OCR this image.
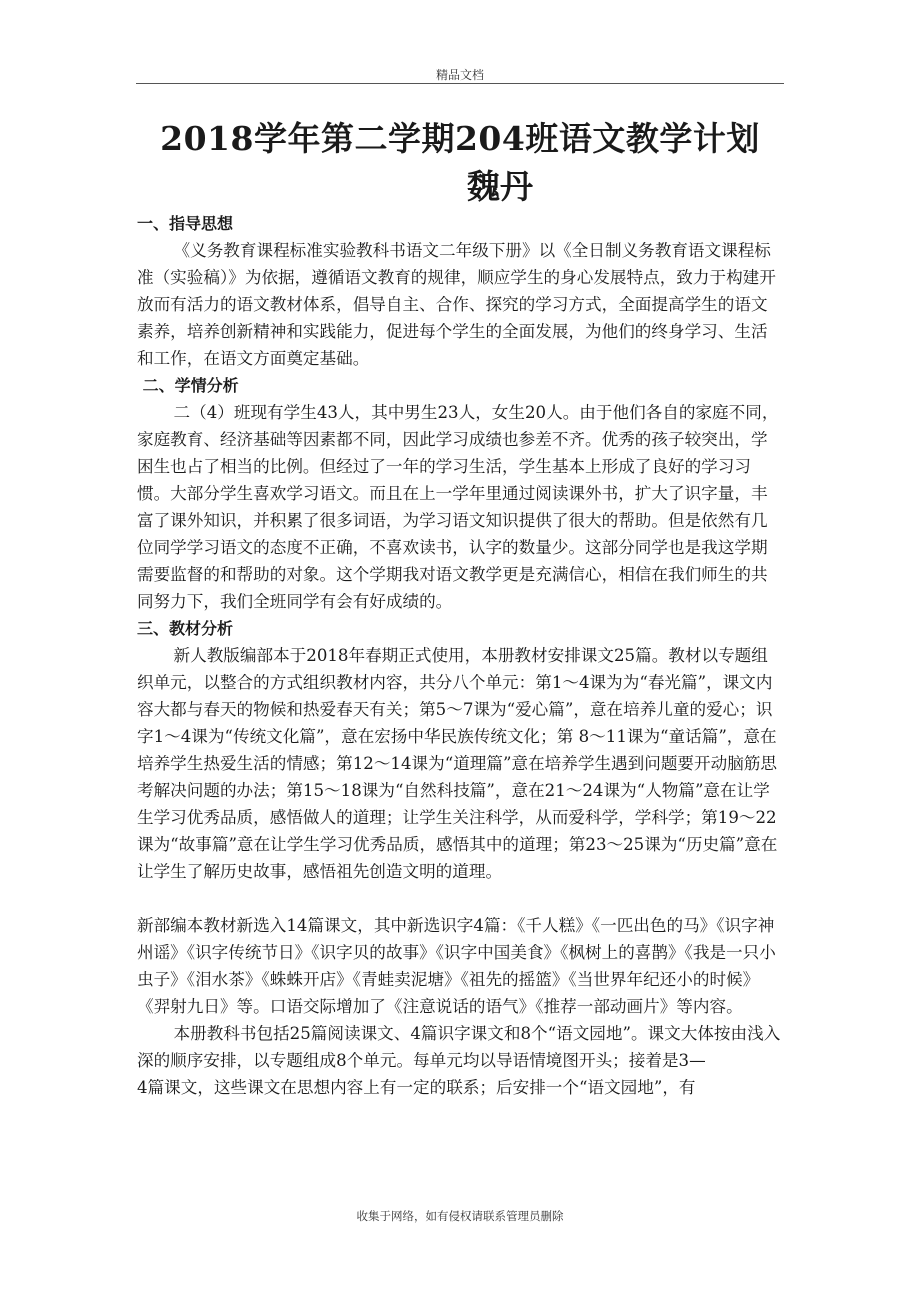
精品文档
2018学年第二学期204班语文教学计划
魏丹

一、指导思想

《义务教育课程标准实验教科书语文二年级下册》以《全日制义务教育语文课程标准（实验稿）》为依据，遵循语文教育的规律，顺应学生的身心发展特点，致力于构建开放而有活力的语文教材体系，倡导自主、合作、探究的学习方式，全面提高学生的语文素养，培养创新精神和实践能力，促进每个学生的全面发展，为他们的终身学习、生活和工作，在语文方面奠定基础。

二、学情分析

二（4）班现有学生43人，其中男生23人，女生20人。由于他们各自的家庭不同，家庭教育、经济基础等因素都不同，因此学习成绩也参差不齐。优秀的孩子较突出，学困生也占了相当的比例。但经过了一年的学习生活，学生基本上形成了良好的学习习惯。大部分学生喜欢学习语文。而且在上一学年里通过阅读课外书，扩大了识字量，丰富了课外知识，并积累了很多词语，为学习语文知识提供了很大的帮助。但是依然有几位同学学习语文的态度不正确，不喜欢读书，认字的数量少。这部分同学也是我这学期需要监督的和帮助的对象。这个学期我对语文教学更是充满信心，相信在我们师生的共同努力下，我们全班同学有会有好成绩的。

三、教材分析

新人教版编部本于2018年春期正式使用，本册教材安排课文25篇。教材以专题组织单元，以整合的方式组织教材内容，共分八个单元：第1～4课为为“春光篇”，课文内容大都与春天的物候和热爱春天有关；第5～7课为“爱心篇”，意在培养儿童的爱心；识字1～4课为“传统文化篇”，意在宏扬中华民族传统文化；第 8～11课为“童话篇”，意在培养学生热爱生活的情感；第12～14课为“道理篇”意在培养学生遇到问题要开动脑筋思考解决问题的办法；第15～18课为“自然科技篇”，意在21～24课为“人物篇”意在让学生学习优秀品质，感悟做人的道理；让学生关注科学，从而爱科学，学科学；第19～22课为“故事篇”意在让学生学习优秀品质，感悟其中的道理；第23～25课为“历史篇”意在让学生了解历史故事，感悟祖先创造文明的道理。

新部编本教材新选入14篇课文，其中新选识字4篇：《千人糕》《一匹出色的马》《识字神州谣》《识字传统节日》《识字贝的故事》《识字中国美食》《枫树上的喜鹊》《我是一只小虫子》《泪水茶》《蛛蛛开店》《青蛙卖泥塘》《祖先的摇篮》《当世界年纪还小的时候》《羿射九日》等。口语交际增加了《注意说话的语气》《推荐一部动画片》等内容。

本册教科书包括25篇阅读课文、4篇识字课文和8个“语文园地”。课文大体按由浅入深的顺序安排，以专题组成8个单元。每单元均以导语情境图开头；接着是3—

4篇课文，这些课文在思想内容上有一定的联系；后安排一个“语文园地”，有

收集于网络，如有侵权请联系管理员删除
